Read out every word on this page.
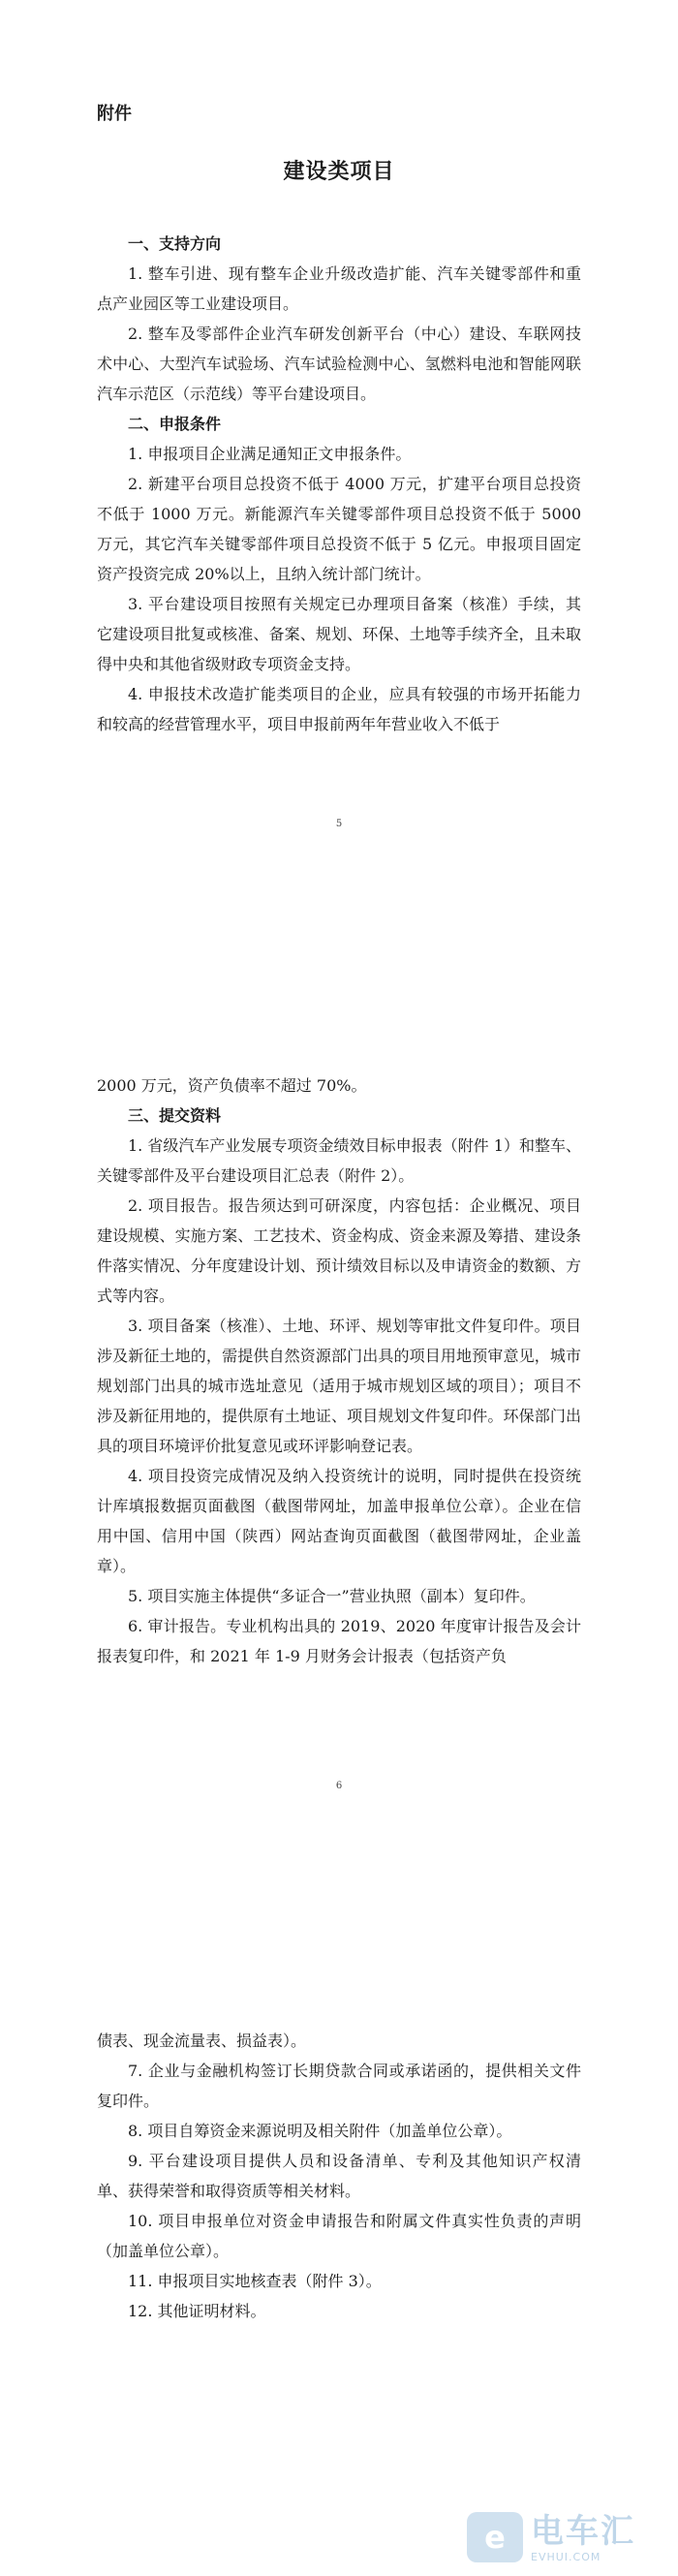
附件
建设类项目

一、支持方向

1. 整车引进、现有整车企业升级改造扩能、汽车关键零部件和重点产业园区等工业建设项目。

2. 整车及零部件企业汽车研发创新平台（中心）建设、车联网技术中心、大型汽车试验场、汽车试验检测中心、氢燃料电池和智能网联汽车示范区（示范线）等平台建设项目。

二、申报条件

1. 申报项目企业满足通知正文申报条件。

2. 新建平台项目总投资不低于 4000 万元，扩建平台项目总投资不低于 1000 万元。新能源汽车关键零部件项目总投资不低于 5000 万元，其它汽车关键零部件项目总投资不低于 5 亿元。申报项目固定资产投资完成 20%以上，且纳入统计部门统计。

3. 平台建设项目按照有关规定已办理项目备案（核准）手续，其它建设项目批复或核准、备案、规划、环保、土地等手续齐全，且未取得中央和其他省级财政专项资金支持。

4. 申报技术改造扩能类项目的企业，应具有较强的市场开拓能力和较高的经营管理水平，项目申报前两年年营业收入不低于

5

2000 万元，资产负债率不超过 70%。

三、提交资料

1. 省级汽车产业发展专项资金绩效目标申报表（附件 1）和整车、关键零部件及平台建设项目汇总表（附件 2）。

2. 项目报告。报告须达到可研深度，内容包括：企业概况、项目建设规模、实施方案、工艺技术、资金构成、资金来源及筹措、建设条件落实情况、分年度建设计划、预计绩效目标以及申请资金的数额、方式等内容。

3. 项目备案（核准）、土地、环评、规划等审批文件复印件。项目涉及新征土地的，需提供自然资源部门出具的项目用地预审意见，城市规划部门出具的城市选址意见（适用于城市规划区域的项目）；项目不涉及新征用地的，提供原有土地证、项目规划文件复印件。环保部门出具的项目环境评价批复意见或环评影响登记表。

4. 项目投资完成情况及纳入投资统计的说明，同时提供在投资统计库填报数据页面截图（截图带网址，加盖申报单位公章）。企业在信用中国、信用中国（陕西）网站查询页面截图（截图带网址，企业盖章）。

5. 项目实施主体提供“多证合一”营业执照（副本）复印件。

6. 审计报告。专业机构出具的 2019、2020 年度审计报告及会计报表复印件，和 2021 年 1-9 月财务会计报表（包括资产负

6

债表、现金流量表、损益表）。

7. 企业与金融机构签订长期贷款合同或承诺函的，提供相关文件复印件。

8. 项目自筹资金来源说明及相关附件（加盖单位公章）。

9. 平台建设项目提供人员和设备清单、专利及其他知识产权清单、获得荣誉和取得资质等相关材料。

10. 项目申报单位对资金申请报告和附属文件真实性负责的声明（加盖单位公章）。

11. 申报项目实地核查表（附件 3）。

12. 其他证明材料。

e 电车汇
EVHUI.COM
